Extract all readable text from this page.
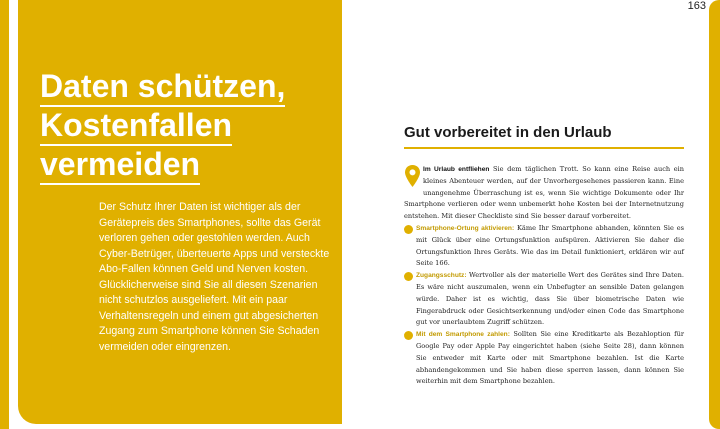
163
Daten schützen,
Kostenfallen
vermeiden

Der Schutz Ihrer Daten ist wichtiger als der Gerätepreis des Smartphones, sollte das Gerät verloren gehen oder gestohlen werden. Auch Cyber-Betrüger, überteuerte Apps und versteckte Abo-Fallen können Geld und Nerven kosten. Glücklicherweise sind Sie all diesen Szenarien nicht schutzlos ausgeliefert. Mit ein paar Verhaltensregeln und einem gut abgesicherten Zugang zum Smartphone können Sie Schaden vermeiden oder eingrenzen.

Gut vorbereitet in den Urlaub

Im Urlaub entfliehen Sie dem täglichen Trott. So kann eine Reise auch ein kleines Abenteuer werden, auf der Unvorhergesehenes passieren kann. Eine unangenehme Überraschung ist es, wenn Sie wichtige Dokumente oder Ihr Smartphone verlieren oder wenn unbemerkt hohe Kosten bei der Internetnutzung entstehen. Mit dieser Checkliste sind Sie besser darauf vorbereitet.

1 Smartphone-Ortung aktivieren: Käme Ihr Smartphone abhanden, könnten Sie es mit Glück über eine Ortungsfunktion aufspüren. Aktivieren Sie daher die Ortungsfunktion Ihres Geräts. Wie das im Detail funktioniert, erklären wir auf Seite 166.

2 Zugangsschutz: Wertvoller als der materielle Wert des Gerätes sind Ihre Daten. Es wäre nicht auszumalen, wenn ein Unbefugter an sensible Daten gelangen würde. Daher ist es wichtig, dass Sie über biometrische Daten wie Fingerabdruck oder Gesichtserkennung und/oder einen Code das Smartphone gut vor unerlaubtem Zugriff schützen.

3 Mit dem Smartphone zahlen: Sollten Sie eine Kreditkarte als Bezahloption für Google Pay oder Apple Pay eingerichtet haben (siehe Seite 28), dann können Sie entweder mit Karte oder mit Smartphone bezahlen. Ist die Karte abhandengekommen und Sie haben diese sperren lassen, dann können Sie weiterhin mit dem Smartphone bezahlen.
